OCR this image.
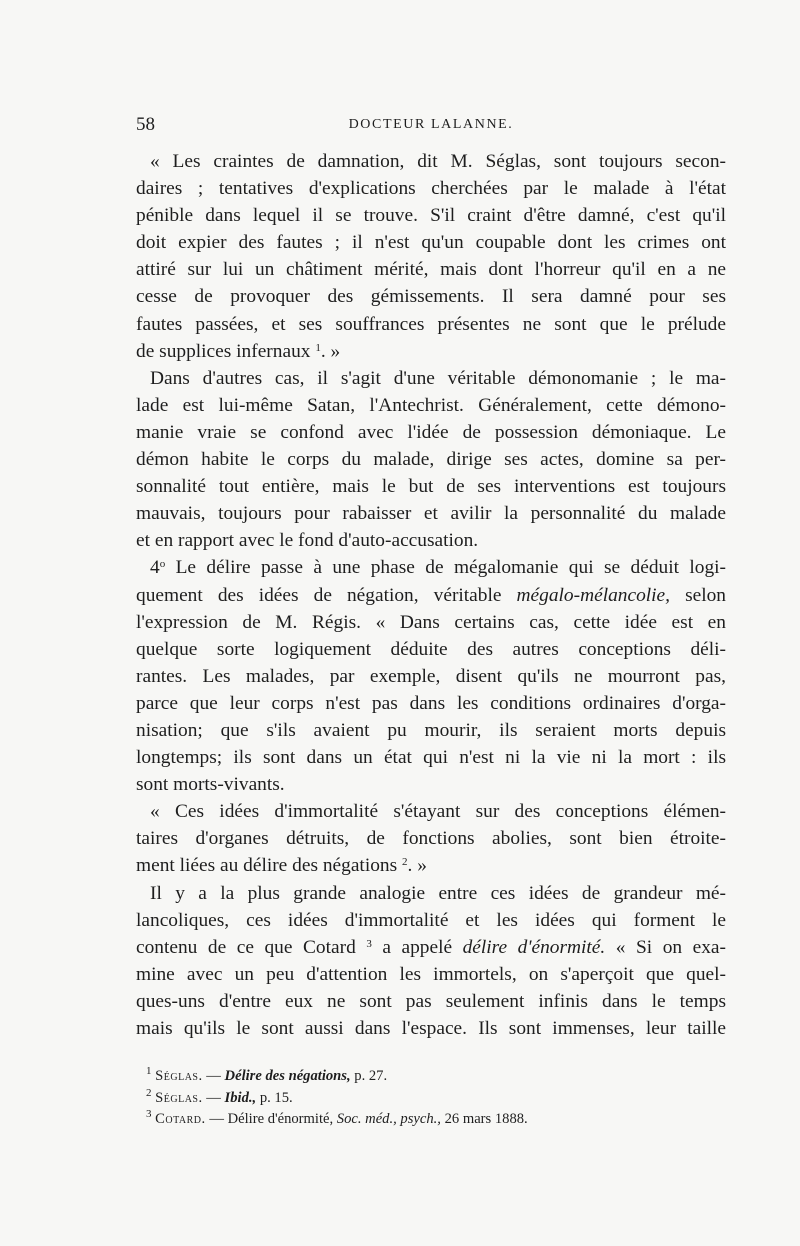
58	DOCTEUR LALANNE.

« Les craintes de damnation, dit M. Séglas, sont toujours secon-
daires ; tentatives d'explications cherchées par le malade à l'état
pénible dans lequel il se trouve. S'il craint d'être damné, c'est qu'il
doit expier des fautes ; il n'est qu'un coupable dont les crimes ont
attiré sur lui un châtiment mérité, mais dont l'horreur qu'il en a ne
cesse de provoquer des gémissements. Il sera damné pour ses
fautes passées, et ses souffrances présentes ne sont que le prélude
de supplices infernaux $^1$. »

Dans d'autres cas, il s'agit d'une véritable démonomanie ; le ma-
lade est lui-même Satan, l'Antechrist. Généralement, cette démono-
manie vraie se confond avec l'idée de possession démoniaque. Le
démon habite le corps du malade, dirige ses actes, domine sa per-
sonnalité tout entière, mais le but de ses interventions est toujours
mauvais, toujours pour rabaisser et avilir la personnalité du malade
et en rapport avec le fond d'auto-accusation.

4$^o$ Le délire passe à une phase de mégalomanie qui se déduit logi-
quement des idées de négation, véritable mégalo-mélancolie, selon
l'expression de M. Régis. « Dans certains cas, cette idée est en
quelque sorte logiquement déduite des autres conceptions déli-
rantes. Les malades, par exemple, disent qu'ils ne mourront pas,
parce que leur corps n'est pas dans les conditions ordinaires d'orga-
nisation; que s'ils avaient pu mourir, ils seraient morts depuis
longtemps; ils sont dans un état qui n'est ni la vie ni la mort : ils
sont morts-vivants.

« Ces idées d'immortalité s'étayant sur des conceptions élémen-
taires d'organes détruits, de fonctions abolies, sont bien étroite-
ment liées au délire des négations $^2$. »

Il y a la plus grande analogie entre ces idées de grandeur mé-
lancoliques, ces idées d'immortalité et les idées qui forment le
contenu de ce que Cotard $^3$ a appelé délire d'énormité. « Si on exa-
mine avec un peu d'attention les immortels, on s'aperçoit que quel-
ques-uns d'entre eux ne sont pas seulement infinis dans le temps
mais qu'ils le sont aussi dans l'espace. Ils sont immenses, leur taille

$^1$ Séglas. — Délire des négations, p. 27.
$^2$ Séglas. — Ibid., p. 15.
$^3$ Cotard. — Délire d'énormité, Soc. méd., psych., 26 mars 1888.
